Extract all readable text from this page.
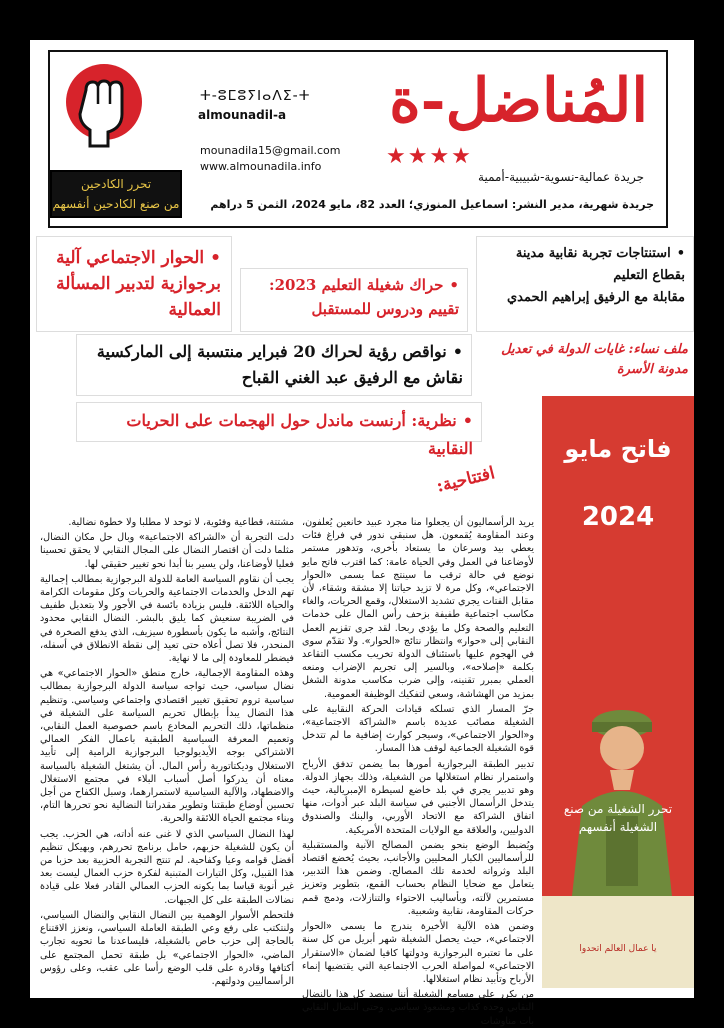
تحرر الكادحين
من صنع الكادحين أنفسهم
ⵜ-ⵓⵎⵓⵢⵏⴰⴷⵉ-ⵜ
almounadil-a المُناضل-ة
★★★★
mounadila15@gmail.com
www.almounadila.info
جريدة عمالية-نسوية-شبيبية-أممية
جريدة شهرية، مدير النشر: اسماعيل المنوزي؛ العدد 82، مايو 2024، الثمن 5 دراهم
• الحوار الاجتماعي آلية برجوازية لتدبير المسألة العمالية
• حراك شغيلة التعليم 2023: تقييم ودروس للمستقبل
• استنتاجات تجربة نقابية مدينة بقطاع التعليم
مقابلة مع الرفيق إبراهيم الحمدي
ملف نساء: غايات الدولة في تعديل مدونة الأسرة
• نواقص رؤية لحراك 20 فبراير منتسبة إلى الماركسية
نقاش مع الرفيق عبد الغني القباح
• نظرية: أرنست ماندل حول الهجمات على الحريات النقابية
افتتاحية:
فاتح مايو
2024
تحرر الشغيلة من صنع الشغيلة أنفسهم
يا عمال العالم اتحدوا

يريد الرأسماليون أن يجعلوا منا مجرد عبيد خانعين يُعلفون، وعند المقاومة يُقمعون. هل سنبقى ندور في فراغ فئات يعطي بيد وسرعان ما يستعاد بأخرى، وتدهور مستمر لأوضاعنا في العمل وفي الحياة عامة: كما اقترب فاتح مايو نوضع في حالة ترقب ما سينتج عما يسمى «الحوار الاجتماعي»، وكل مرة لا تزيد حياتنا إلا مشقة وشقاء، لأن مقابل الفتات يجري تشديد الاستغلال، وقمع الحريات، والغاء مكاسب اجتماعية طفيفة بزحف رأس المال على خدمات التعليم والصحة وكل ما يؤدي ربحا. لقد جرى تقزيم العمل النقابي إلى «حوار» وانتظار نتائج «الحوار». ولا تقدّم سوى في الهجوم عليها باستئناف الدولة تخريب مكسب التقاعد بكلمة «إصلاحه»، وبالسير إلى تجريم الإضراب ومنعه العملي بمبرر تقنينه، وإلى ضرب مكاسب مدونة الشغل بمزيد من الهشاشة، وسعي لتفكيك الوظيفة العمومية.

جرّ المسار الذي تسلكه قيادات الحركة النقابية على الشغيلة مصائب عديدة باسم «الشراكة الاجتماعية»، و«الحوار الاجتماعي»، وسيجر كوارث إضافية ما لم تتدخل قوة الشغيلة الجماعية لوقف هذا المسار.

تدبير الطبقة البرجوازية أمورها بما يضمن تدفق الأرباح واستمرار نظام استغلالها من الشغيلة، وذلك بجهاز الدولة. وهو تدبير يجري في بلد خاضع لسيطرة الإمبريالية، حيث يتدخل الرأسمال الأجنبي في سياسة البلد عبر أدوات، منها اتفاق الشراكة مع الاتحاد الأوربي، والبنك والصندوق الدوليين، والعلاقة مع الولايات المتحدة الأمريكية.

ويُضبط الوضع بنحو يضمن المصالح الآنية والمستقبلية للرأسماليين الكبار المحليين والأجانب، بحيث يُخضع اقتصاد البلد وثرواته لخدمة تلك المصالح. وضمن هذا التدبير، يتعامل مع ضحايا النظام بحساب القمع، بتطوير وتعزيز مستمرين لآلته، وبأساليب الاحتواء والتنازلات، ودمج قمم حركات المقاومة، نقابية وشعبية.

وضمن هذه الآلية الأخيرة يندرج ما يسمى «الحوار الاجتماعي»، حيث يحصل الشغيلة شهر أبريل من كل سنة على ما تعتبره البرجوازية ودولتها كافيا لضمان «الاستقرار الاجتماعي» لمواصلة الحرب الاجتماعية التي يقتضيها إنماء الأرباح وتأبيد نظام استغلالها.

من يكرر على مسامع الشغيلة أننا سنصد كل هذا بالنضال النقابي وحده كذاب ومشعوذ سياسي. وحتى النضال النقابي بات مناوشات

مشتتة، قطاعية وفئوية، لا توحد لا مطلبا ولا خطوة نضالية.

دلت التجربة أن «الشراكة الاجتماعية» وبال حل مكان النضال، مثلما دلت أن اقتصار النضال على المجال النقابي لا يحقق تحسينا فعليا لأوضاعنا، ولن يسير بنا أبدا نحو تغيير حقيقي لها.

يجب أن نقاوم السياسة العامة للدولة البرجوازية بمطالب إجمالية تهم الدخل والخدمات الاجتماعية والحريات وكل مقومات الكرامة والحياة اللائقة. فليس بزيادة بائسة في الأجور ولا بتعديل طفيف في الضريبة سنعيش كما يليق بالبشر. النضال النقابي محدود النتائج، وأشبه ما يكون بأسطورة سيزيف، الذي يدفع الصخرة في المنحدر، فلا تصل أعلاه حتى تعيد إلى نقطة الانطلاق في أسفله، فيضطر للمعاودة إلى ما لا نهاية.

وهذه المقاومة الإجمالية، خارج منطق «الحوار الاجتماعي» هي نضال سياسي، حيث تواجه سياسة الدولة البرجوازية بمطالب سياسية تروم تحقيق تغيير اقتصادي واجتماعي وسياسي. وتنظيم هذا النضال يبدأ بإبطال تحريم السياسة على الشغيلة في منظماتها، ذلك التحريم المخادع باسم خصوصية العمل النقابي، وتعميم المعرفة السياسية الطبقية باعمال الفكر العمالي الاشتراكي بوجه الأيديولوجيا البرجوازية الرامية إلى تأبيد الاستغلال وديكتاتورية رأس المال. أن يشتغل الشغيلة بالسياسة معناه أن يدركوا أصل أسباب البلاء في مجتمع الاستغلال والاضطهاد، والآلية السياسية لاستمرارهما، وسبل الكفاح من أجل تحسين أوضاع طبقتنا وتطوير مقدراتنا النضالية نحو تحررها التام، وبناء مجتمع الحياة اللائقة والحرية.

لهذا النضال السياسي الذي لا غنى عنه أداته، هي الحزب. يجب أن يكون للشغيلة حزبهم، حامل برنامج تحررهم، وبهيكل تنظيم أفضل قوامه وعيا وكفاحية. لم تنتج التجربة الحزبية بعد حزبا من هذا القبيل، وكل التيارات المتبنية لفكرة حزب العمال ليست بعد غير أنوية قياسا بما يكونه الحزب العمالي القادر فعلا على قيادة نضالات الطبقة على كل الجبهات.

فلتحطم الأسوار الوهمية بين النضال النقابي والنضال السياسي، ولنتكتب على رفع وعي الطبقة العاملة السياسي، ونعزز الاقتناع بالحاجة إلى حزب خاص بالشغيلة، فليساعدنا ما تحويه تجارب الماضي، «الحوار الاجتماعي» بل طبقة تحمل المجتمع على أكتافها وقادرة على قلب الوضع رأسا على عقب، وعلى رؤوس الرأسماليين ودولتهم.
